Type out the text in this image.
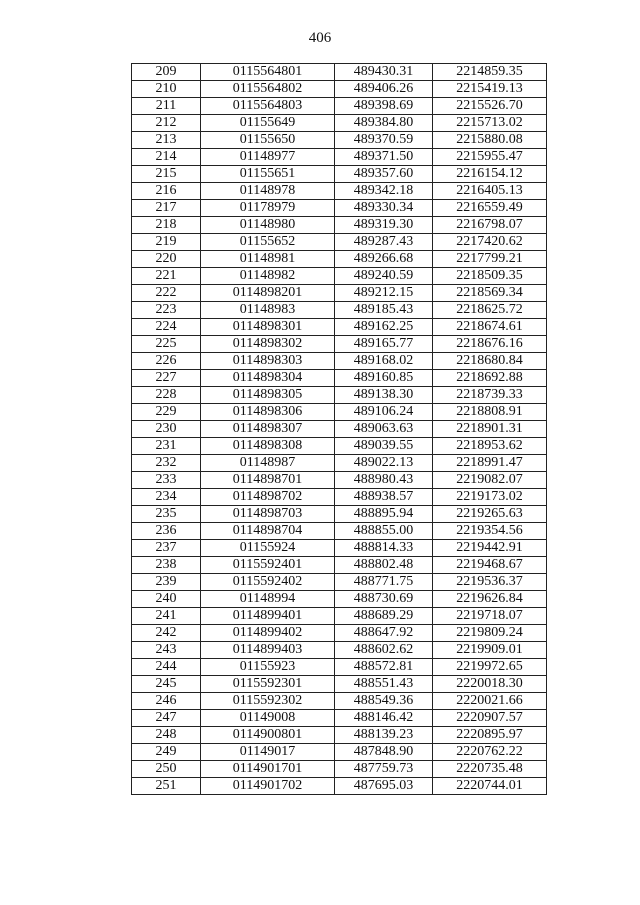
406
209	0115564801	489430.31	2214859.35
210	0115564802	489406.26	2215419.13
211	0115564803	489398.69	2215526.70
212	01155649	489384.80	2215713.02
213	01155650	489370.59	2215880.08
214	01148977	489371.50	2215955.47
215	01155651	489357.60	2216154.12
216	01148978	489342.18	2216405.13
217	01178979	489330.34	2216559.49
218	01148980	489319.30	2216798.07
219	01155652	489287.43	2217420.62
220	01148981	489266.68	2217799.21
221	01148982	489240.59	2218509.35
222	0114898201	489212.15	2218569.34
223	01148983	489185.43	2218625.72
224	0114898301	489162.25	2218674.61
225	0114898302	489165.77	2218676.16
226	0114898303	489168.02	2218680.84
227	0114898304	489160.85	2218692.88
228	0114898305	489138.30	2218739.33
229	0114898306	489106.24	2218808.91
230	0114898307	489063.63	2218901.31
231	0114898308	489039.55	2218953.62
232	01148987	489022.13	2218991.47
233	0114898701	488980.43	2219082.07
234	0114898702	488938.57	2219173.02
235	0114898703	488895.94	2219265.63
236	0114898704	488855.00	2219354.56
237	01155924	488814.33	2219442.91
238	0115592401	488802.48	2219468.67
239	0115592402	488771.75	2219536.37
240	01148994	488730.69	2219626.84
241	0114899401	488689.29	2219718.07
242	0114899402	488647.92	2219809.24
243	0114899403	488602.62	2219909.01
244	01155923	488572.81	2219972.65
245	0115592301	488551.43	2220018.30
246	0115592302	488549.36	2220021.66
247	01149008	488146.42	2220907.57
248	0114900801	488139.23	2220895.97
249	01149017	487848.90	2220762.22
250	0114901701	487759.73	2220735.48
251	0114901702	487695.03	2220744.01
